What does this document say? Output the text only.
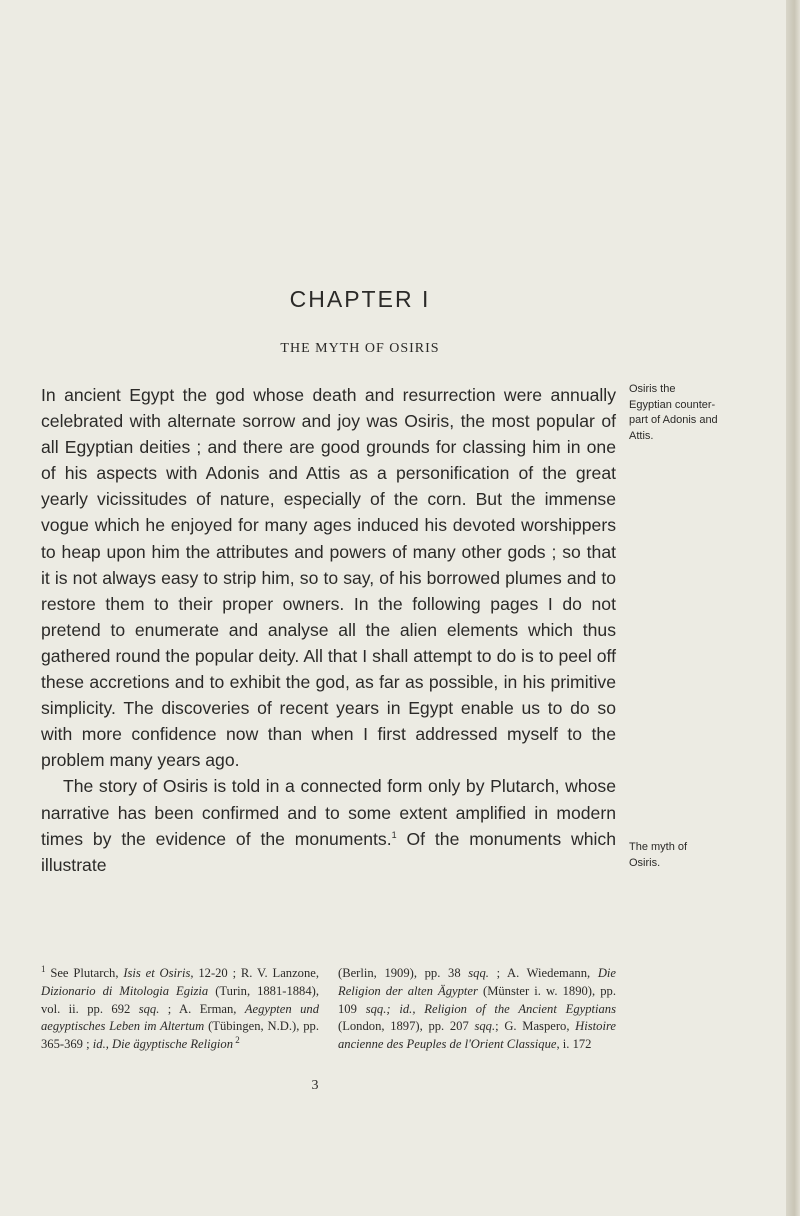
CHAPTER I
THE MYTH OF OSIRIS

In ancient Egypt the god whose death and resurrection were annually celebrated with alternate sorrow and joy was Osiris, the most popular of all Egyptian deities ; and there are good grounds for classing him in one of his aspects with Adonis and Attis as a personification of the great yearly vicissitudes of nature, especially of the corn. But the immense vogue which he enjoyed for many ages induced his devoted worshippers to heap upon him the attributes and powers of many other gods ; so that it is not always easy to strip him, so to say, of his borrowed plumes and to restore them to their proper owners. In the following pages I do not pretend to enumerate and analyse all the alien elements which thus gathered round the popular deity. All that I shall attempt to do is to peel off these accretions and to exhibit the god, as far as possible, in his primitive simplicity. The discoveries of recent years in Egypt enable us to do so with more confidence now than when I first addressed myself to the problem many years ago.

The story of Osiris is told in a connected form only by Plutarch, whose narrative has been confirmed and to some extent amplified in modern times by the evidence of the monuments.$^1$ Of the monuments which illustrate

Osiris the Egyptian counter-part of Adonis and Attis.

The myth of Osiris.

$^1$ See Plutarch, Isis et Osiris, 12-20 ; R. V. Lanzone, Dizionario di Mitologia Egizia (Turin, 1881-1884), vol. ii. pp. 692 sqq. ; A. Erman, Aegypten und aegyptisches Leben im Altertum (Tübingen, N.D.), pp. 365-369 ; id., Die ägyptische Religion $^2$

(Berlin, 1909), pp. 38 sqq. ; A. Wiedemann, Die Religion der alten Ägypter (Münster i. w. 1890), pp. 109 sqq.; id., Religion of the Ancient Egyptians (London, 1897), pp. 207 sqq.; G. Maspero, Histoire ancienne des Peuples de l'Orient Classique, i. 172

3
